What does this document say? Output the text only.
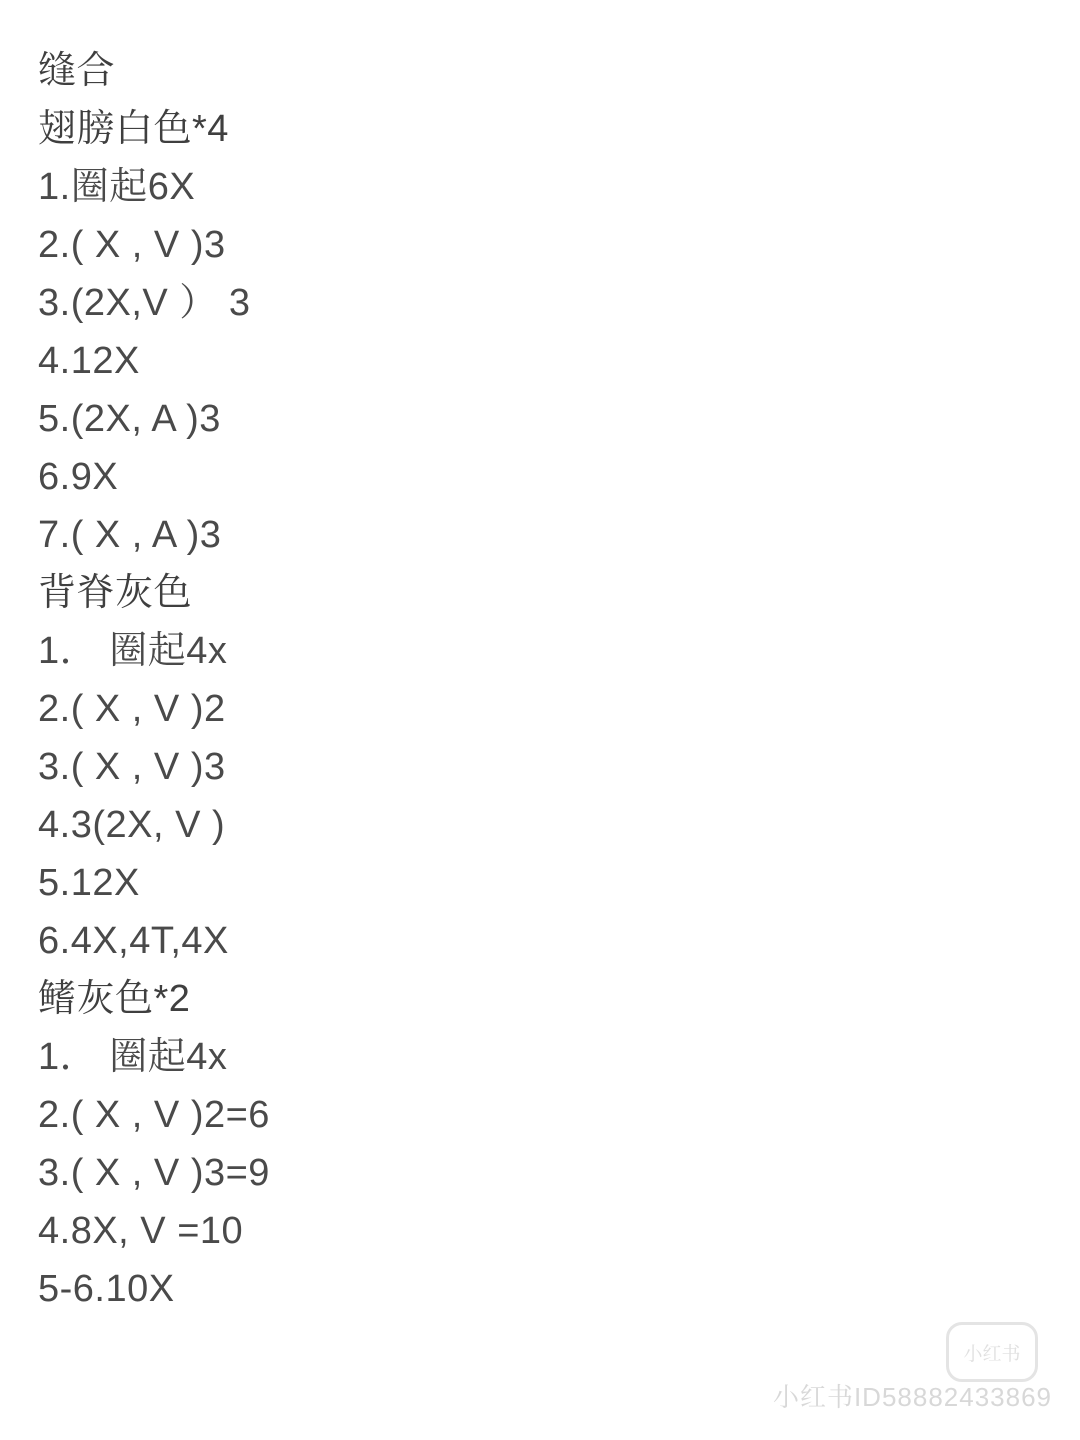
缝合
翅膀白色*4
1.圈起6X
2.( X , V )3
3.(2X,V ） 3
4.12X
5.(2X, A )3
6.9X
7.( X , A )3
背脊灰色
1． 圈起4x
2.( X , V )2
3.( X , V )3
4.3(2X, V )
5.12X
6.4X,4T,4X
鳍灰色*2
1． 圈起4x
2.( X , V )2=6
3.( X , V )3=9
4.8X, V =10
5-6.10X
小红书
小红书ID58882433869
